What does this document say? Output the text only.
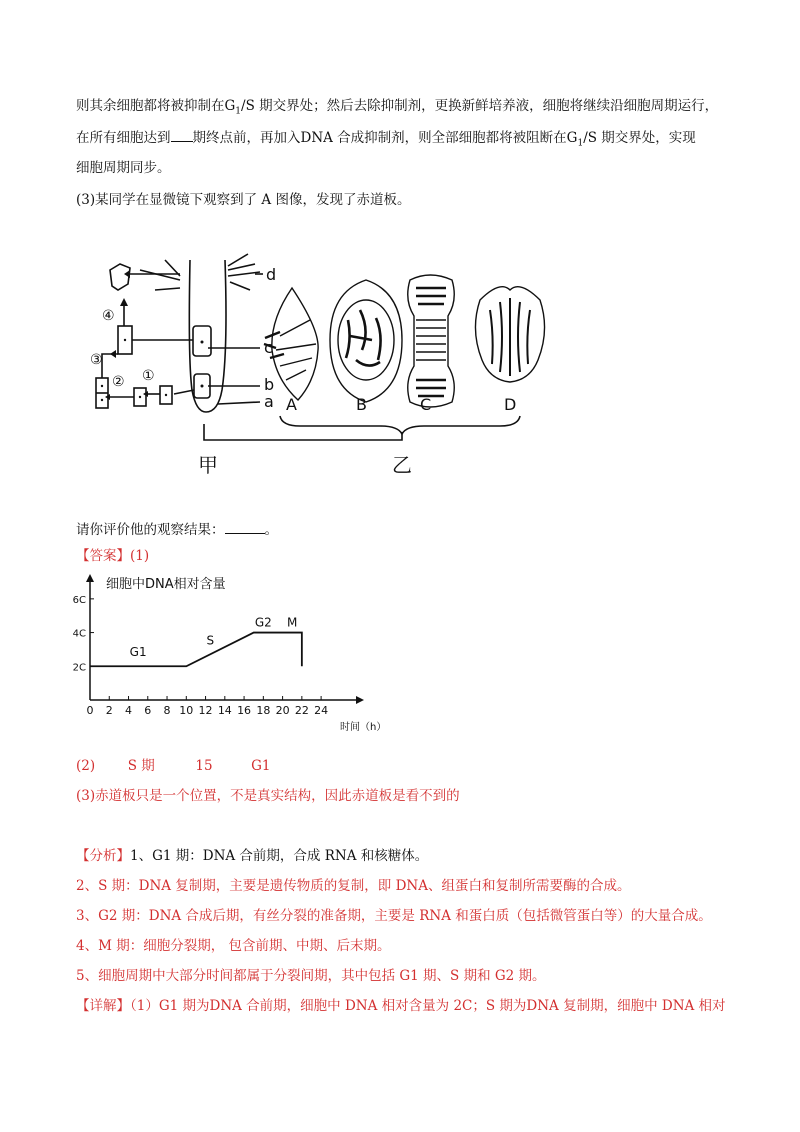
则其余细胞都将被抑制在$G_1/S$ 期交界处；然后去除抑制剂，更换新鲜培养液，细胞将继续沿细胞周期运行，
在所有细胞达到 期终点前，再加入DNA 合成抑制剂，则全部细胞都将被阻断在$G_1/S$ 期交界处，实现
细胞周期同步。
(3)某同学在显微镜下观察到了 A 图像，发现了赤道板。
d
c
b
a A	B	C	D
甲	乙
④
③
② ①
请你评价他的观察结果：	。
【答案】(1)
0 2 4 6 8 10 12 14 16 18 20 22 24
2C
4C
6C
G1
S
G2 M
细胞中DNA相对含量
时间（h）
(2) S 期	15	G1
(3)赤道板只是一个位置，不是真实结构，因此赤道板是看不到的
【分析】1、G1 期：DNA 合前期，合成 RNA 和核糖体。
2、S 期：DNA 复制期，主要是遗传物质的复制，即 DNA、组蛋白和复制所需要酶的合成。
3、G2 期：DNA 合成后期，有丝分裂的准备期，主要是 RNA 和蛋白质（包括微管蛋白等）的大量合成。
4、M 期：细胞分裂期， 包含前期、中期、后末期。
5、细胞周期中大部分时间都属于分裂间期，其中包括 G1 期、S 期和 G2 期。
【详解】（1）G1 期为DNA 合前期，细胞中 DNA 相对含量为 2C；S 期为DNA 复制期，细胞中 DNA 相对
